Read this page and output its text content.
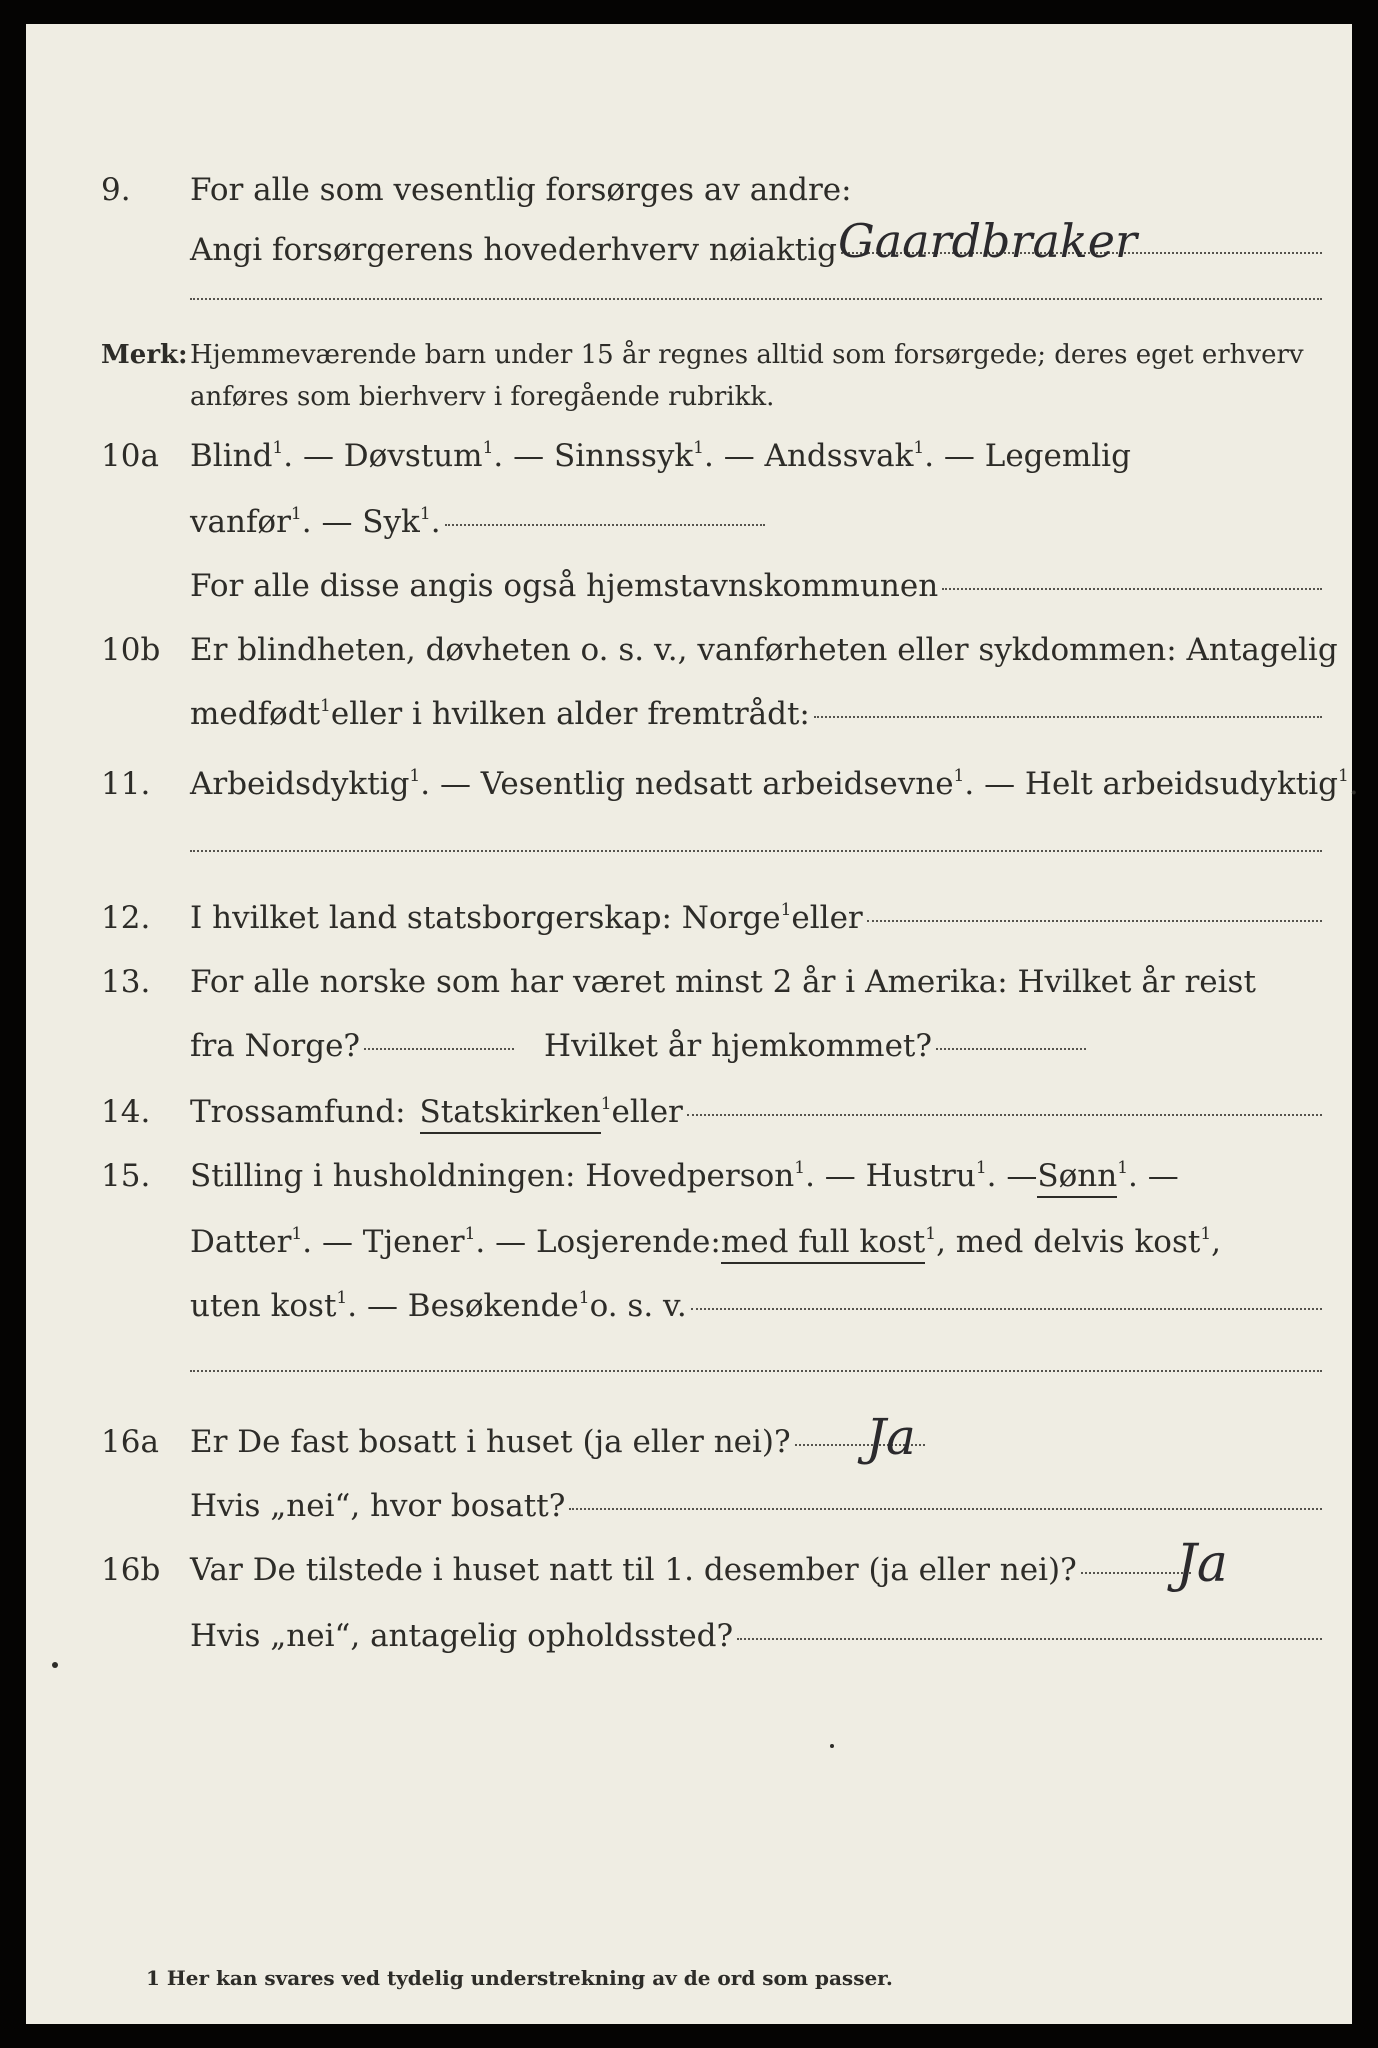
9. For alle som vesentlig forsørges av andre:
Angi forsørgerens hovederhverv nøiaktig Gaardbraker
Merk: Hjemmeværende barn under 15 år regnes alltid som forsørgede; deres eget erhverv
anføres som bierhverv i foregående rubrikk.
10a Blind 1 . — Døvstum 1 . — Sinnssyk 1 . — Andssvak 1 . — Legemlig
vanfør 1 . — Syk 1 .
For alle disse angis også hjemstavnskommunen
10b Er blindheten, døvheten o. s. v., vanførheten eller sykdommen: Antagelig
medfødt 1 eller i hvilken alder fremtrådt:
11. Arbeidsdyktig 1 . — Vesentlig nedsatt arbeidsevne 1 . — Helt arbeidsudyktig 1 .
12. I hvilket land statsborgerskap: Norge 1 eller
13. For alle norske som har været minst 2 år i Amerika: Hvilket år reist
fra Norge?	Hvilket år hjemkommet?
14. Trossamfund: Statskirken 1 eller
15. Stilling i husholdningen: Hovedperson 1 . — Hustru 1 . — Sønn 1 . —
Datter 1 . — Tjener 1 . — Losjerende: med full kost 1 , med delvis kost 1 ,
uten kost 1 . — Besøkende 1 o. s. v.
16a Er De fast bosatt i huset (ja eller nei)? Ja
Hvis „nei“, hvor bosatt?
16b Var De tilstede i huset natt til 1. desember (ja eller nei)? Ja
Hvis „nei“, antagelig opholdssted?
1 Her kan svares ved tydelig understrekning av de ord som passer.
